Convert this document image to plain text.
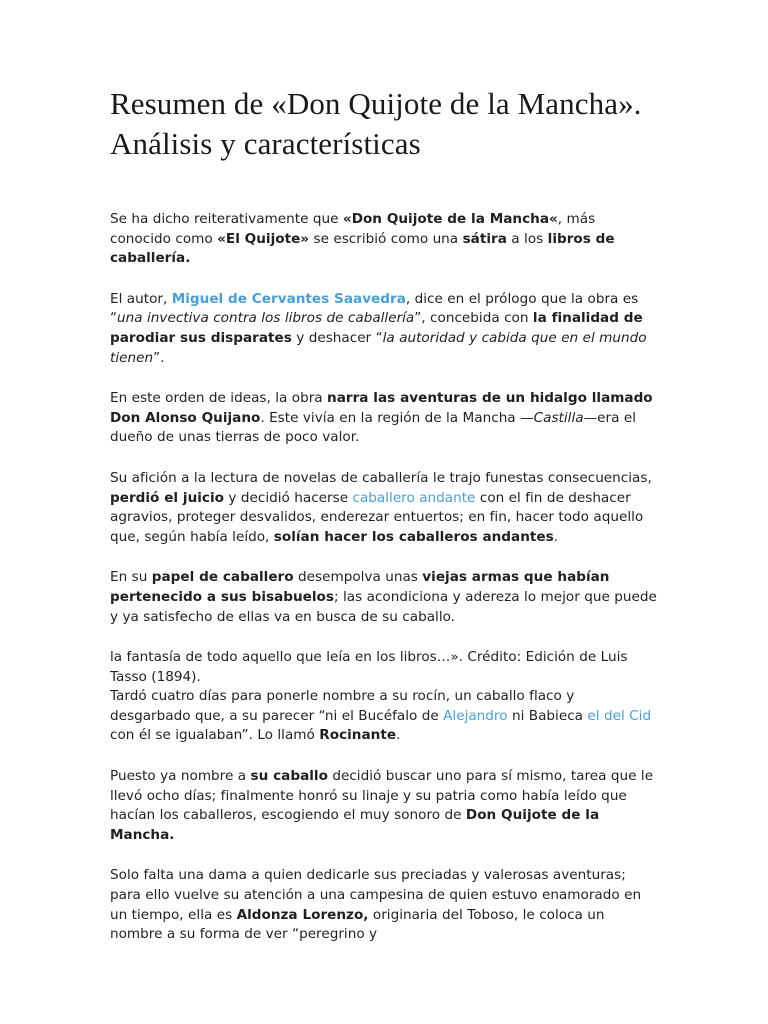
Resumen de «Don Quijote de la Mancha». Análisis y características

Se ha dicho reiterativamente que «Don Quijote de la Mancha«, más conocido como «El Quijote» se escribió como una sátira a los libros de caballería.

El autor, Miguel de Cervantes Saavedra, dice en el prólogo que la obra es “una invectiva contra los libros de caballería”, concebida con la finalidad de parodiar sus disparates y deshacer “la autoridad y cabida que en el mundo tienen”.

En este orden de ideas, la obra narra las aventuras de un hidalgo llamado Don Alonso Quijano. Este vivía en la región de la Mancha —Castilla—era el dueño de unas tierras de poco valor.

Su afición a la lectura de novelas de caballería le trajo funestas consecuencias, perdió el juicio y decidió hacerse caballero andante con el fin de deshacer agravios, proteger desvalidos, enderezar entuertos; en fin, hacer todo aquello que, según había leído, solían hacer los caballeros andantes.

En su papel de caballero desempolva unas viejas armas que habían pertenecido a sus bisabuelos; las acondiciona y adereza lo mejor que puede y ya satisfecho de ellas va en busca de su caballo.

la fantasía de todo aquello que leía en los libros…». Crédito: Edición de Luis Tasso (1894).
Tardó cuatro días para ponerle nombre a su rocín, un caballo flaco y desgarbado que, a su parecer “ni el Bucéfalo de Alejandro ni Babieca el del Cid con él se igualaban”. Lo llamó Rocinante.

Puesto ya nombre a su caballo decidió buscar uno para sí mismo, tarea que le llevó ocho días; finalmente honró su linaje y su patria como había leído que hacían los caballeros, escogiendo el muy sonoro de Don Quijote de la Mancha.

Solo falta una dama a quien dedicarle sus preciadas y valerosas aventuras; para ello vuelve su atención a una campesina de quien estuvo enamorado en un tiempo, ella es Aldonza Lorenzo, originaria del Toboso, le coloca un nombre a su forma de ver “peregrino y
